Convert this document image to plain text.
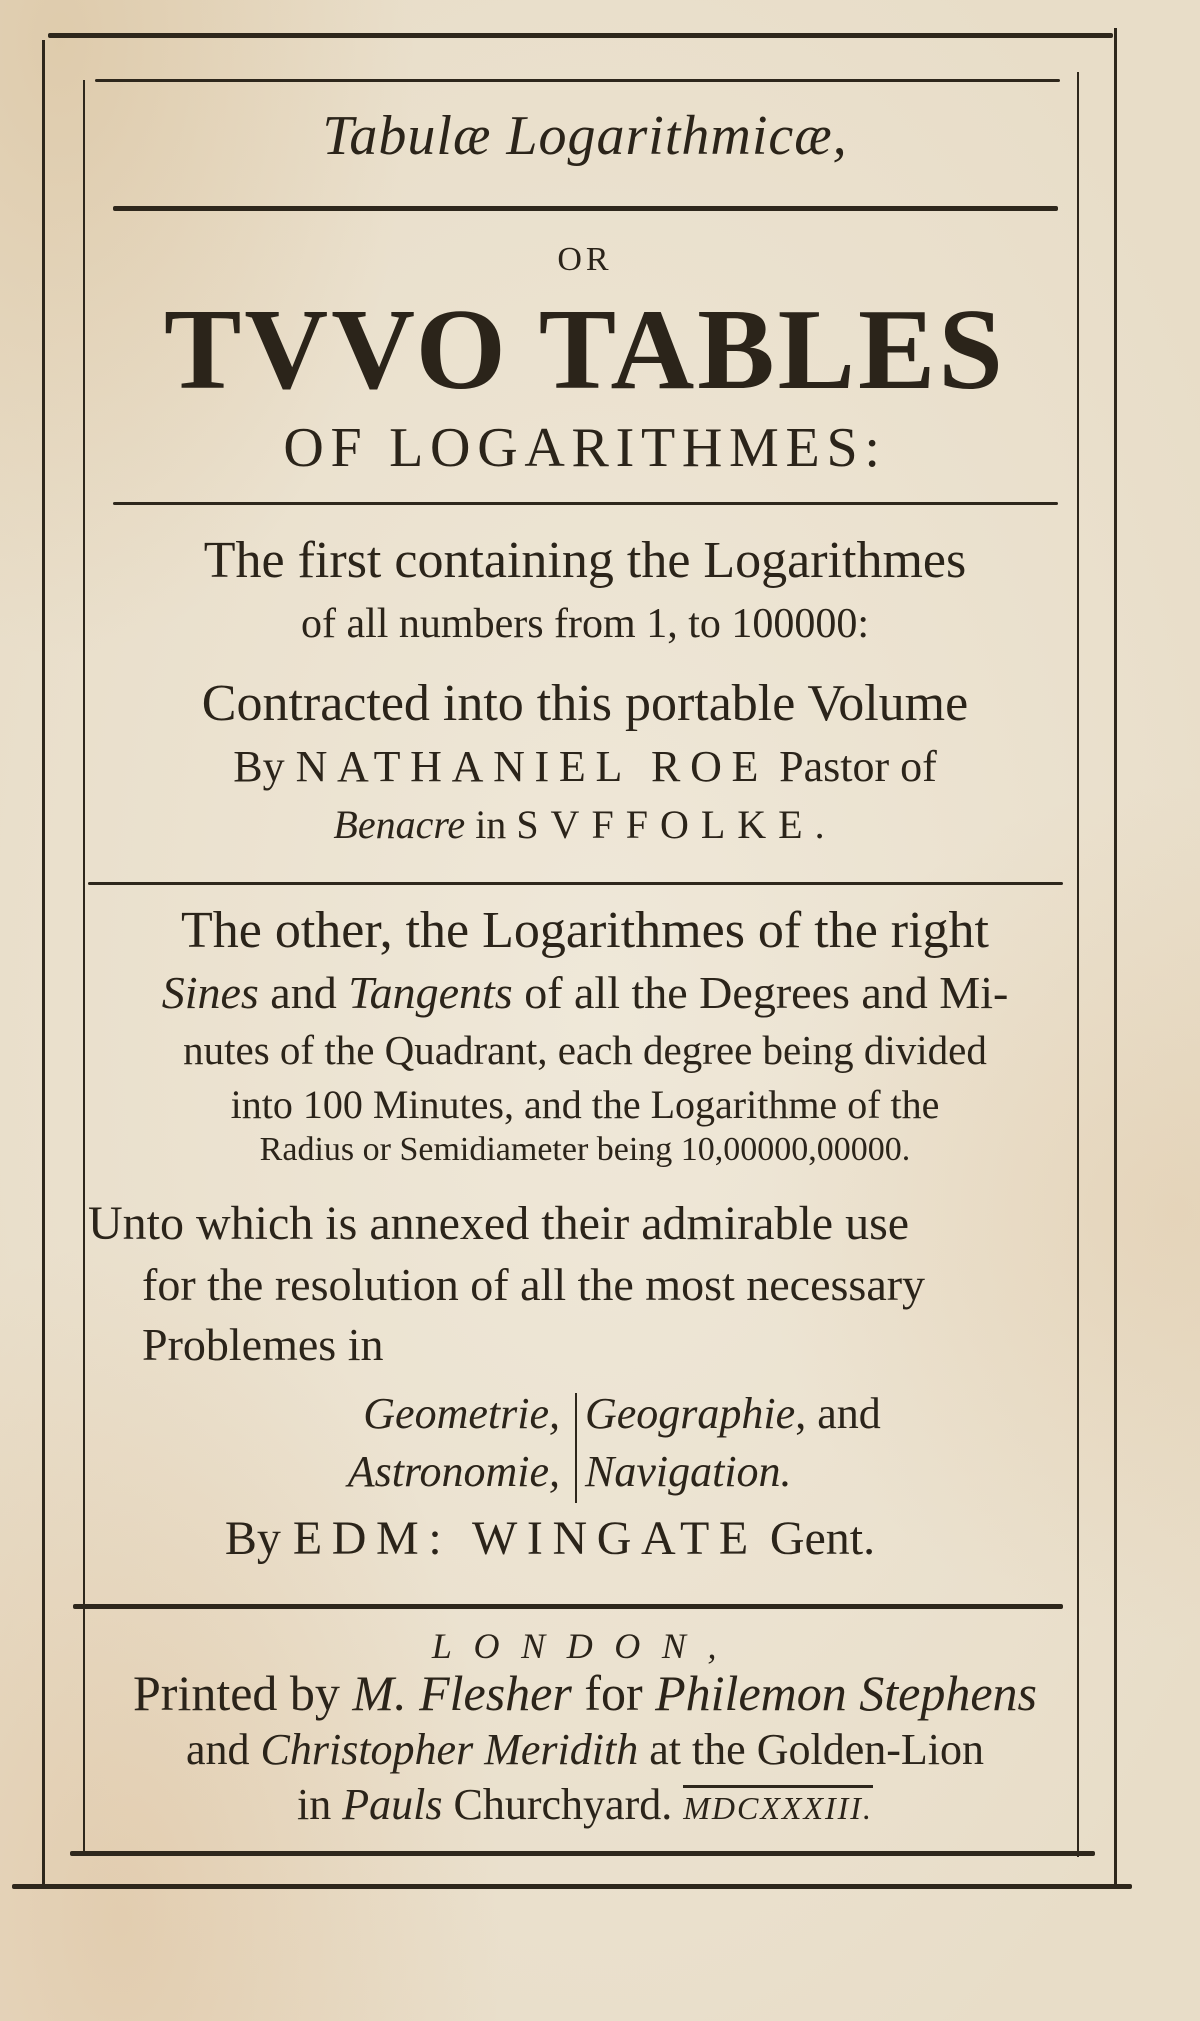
Tabulæ Logarithmicæ,
OR
TVVO TABLES
OF LOGARITHMES:
The first containing the Logarithmes
of all numbers from 1, to 100000:
Contracted into this portable Volume
By NATHANIEL ROE Pastor of
Benacre in SVFFOLKE.
The other, the Logarithmes of the right
Sines and Tangents of all the Degrees and Mi-
nutes of the Quadrant, each degree being divided
into 100 Minutes, and the Logarithme of the
Radius or Semidiameter being 10,00000,00000.
Unto which is annexed their admirable use
for the resolution of all the most necessary
Problemes in
Geometrie,
Astronomie,
Geographie, and
Navigation.
By EDM: WINGATE Gent.
LONDON,
Printed by M. Flesher for Philemon Stephens
and Christopher Meridith at the Golden-Lion
in Pauls Churchyard. MDCXXXIII.
